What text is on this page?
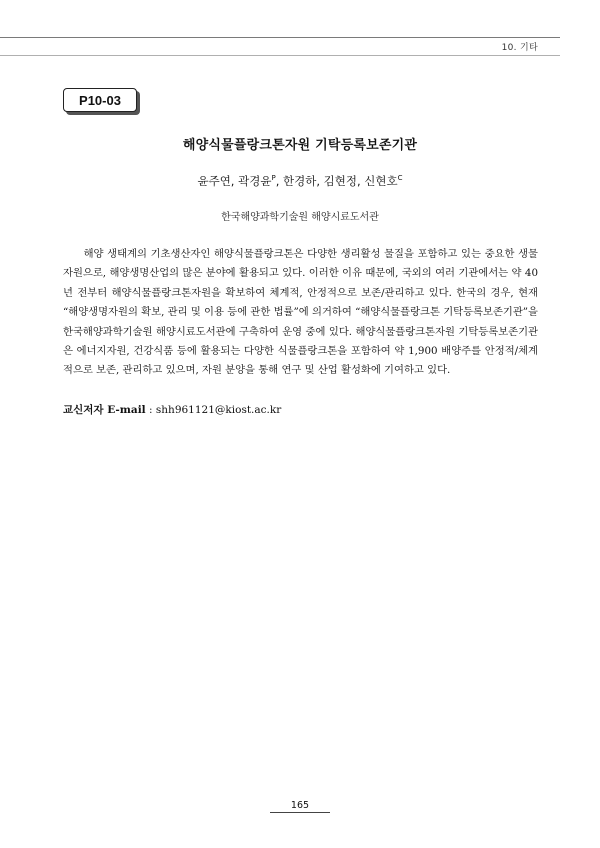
10. 기타
P10-03
해양식물플랑크톤자원 기탁등록보존기관
윤주연, 곽경윤$^P$, 한경하, 김현정, 신현호$^C$
한국해양과학기술원 해양시료도서관

해양 생태계의 기초생산자인 해양식물플랑크톤은 다양한 생리활성 물질을 포함하고 있는 중요한 생물자원으로, 해양생명산업의 많은 분야에 활용되고 있다. 이러한 이유 때문에, 국외의 여러 기관에서는 약 40년 전부터 해양식물플랑크톤자원을 확보하여 체계적, 안정적으로 보존/관리하고 있다. 한국의 경우, 현재 “해양생명자원의 확보, 관리 및 이용 등에 관한 법률”에 의거하여 “해양식물플랑크톤 기탁등록보존기관”을 한국해양과학기술원 해양시료도서관에 구축하여 운영 중에 있다. 해양식물플랑크톤자원 기탁등록보존기관은 에너지자원, 건강식품 등에 활용되는 다양한 식물플랑크톤을 포함하여 약 1,900 배양주를 안정적/체계적으로 보존, 관리하고 있으며, 자원 분양을 통해 연구 및 산업 활성화에 기여하고 있다.

교신저자 E-mail : shh961121@kiost.ac.kr
165
